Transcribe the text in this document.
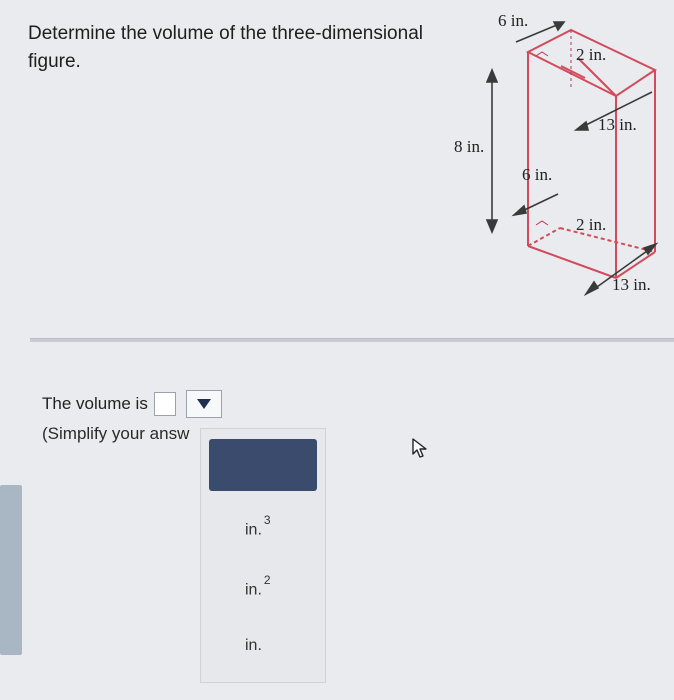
Determine the volume of the three-dimensional
figure.
6 in.
2 in.
13 in.
8 in.
6 in.
2 in.
13 in.
The volume is
(Simplify your answ
in.$^3$
in.$^2$
in.
